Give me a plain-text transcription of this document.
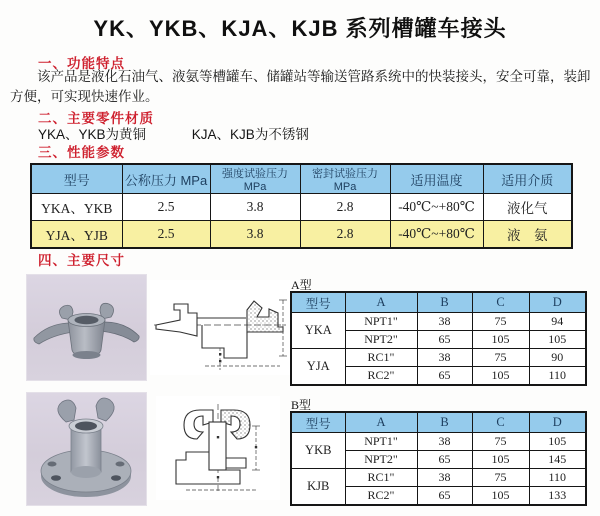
YK、YKB、KJA、KJB 系列槽罐车接头
一、功能特点

该产品是液化石油气、液氨等槽罐车、储罐站等输送管路系统中的快装接头，安全可靠，装卸方便，可实现快速作业。

二、主要零件材质
YKA、YKB为黄铜	KJA、KJB为不锈钢
三、性能参数
型号	公称压力 MPa	强度试验压力MPa	密封试验压力MPa	适用温度	适用介质
YKA、YKB	2.5	3.8	2.8	-40℃~+80℃	液化气
YJA、YJB	2.5	3.8	2.8	-40℃~+80℃	液　氨
四、主要尺寸

A型

型号	A	B	C	D
YKA	NPT1"	38	75	94
	NPT2"	65	105	105
YJA	RC1"	38	75	90
	RC2"	65	105	110

B型

型号	A	B	C	D
YKB	NPT1"	38	75	105
	NPT2"	65	105	145
KJB	RC1"	38	75	110
	RC2"	65	105	133
